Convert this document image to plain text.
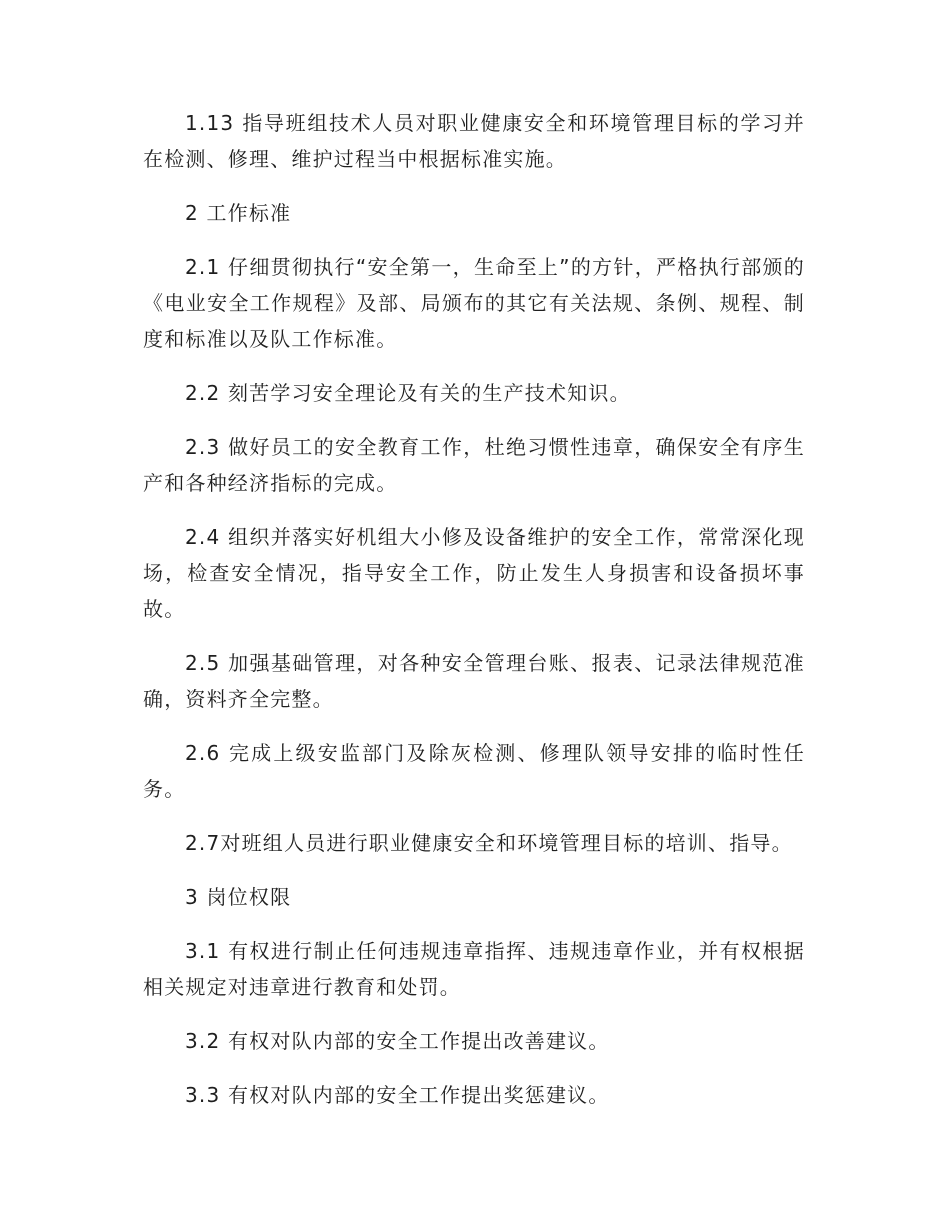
1.13 指导班组技术人员对职业健康安全和环境管理目标的学习并在检测、修理、维护过程当中根据标准实施。

2 工作标准

2.1 仔细贯彻执行“安全第一，生命至上”的方针，严格执行部颁的《电业安全工作规程》及部、局颁布的其它有关法规、条例、规程、制度和标准以及队工作标准。

2.2 刻苦学习安全理论及有关的生产技术知识。

2.3 做好员工的安全教育工作，杜绝习惯性违章，确保安全有序生产和各种经济指标的完成。

2.4 组织并落实好机组大小修及设备维护的安全工作，常常深化现场，检查安全情况，指导安全工作，防止发生人身损害和设备损坏事故。

2.5 加强基础管理，对各种安全管理台账、报表、记录法律规范准确，资料齐全完整。

2.6 完成上级安监部门及除灰检测、修理队领导安排的临时性任务。

2.7对班组人员进行职业健康安全和环境管理目标的培训、指导。

3 岗位权限

3.1 有权进行制止任何违规违章指挥、违规违章作业，并有权根据相关规定对违章进行教育和处罚。

3.2 有权对队内部的安全工作提出改善建议。

3.3 有权对队内部的安全工作提出奖惩建议。
